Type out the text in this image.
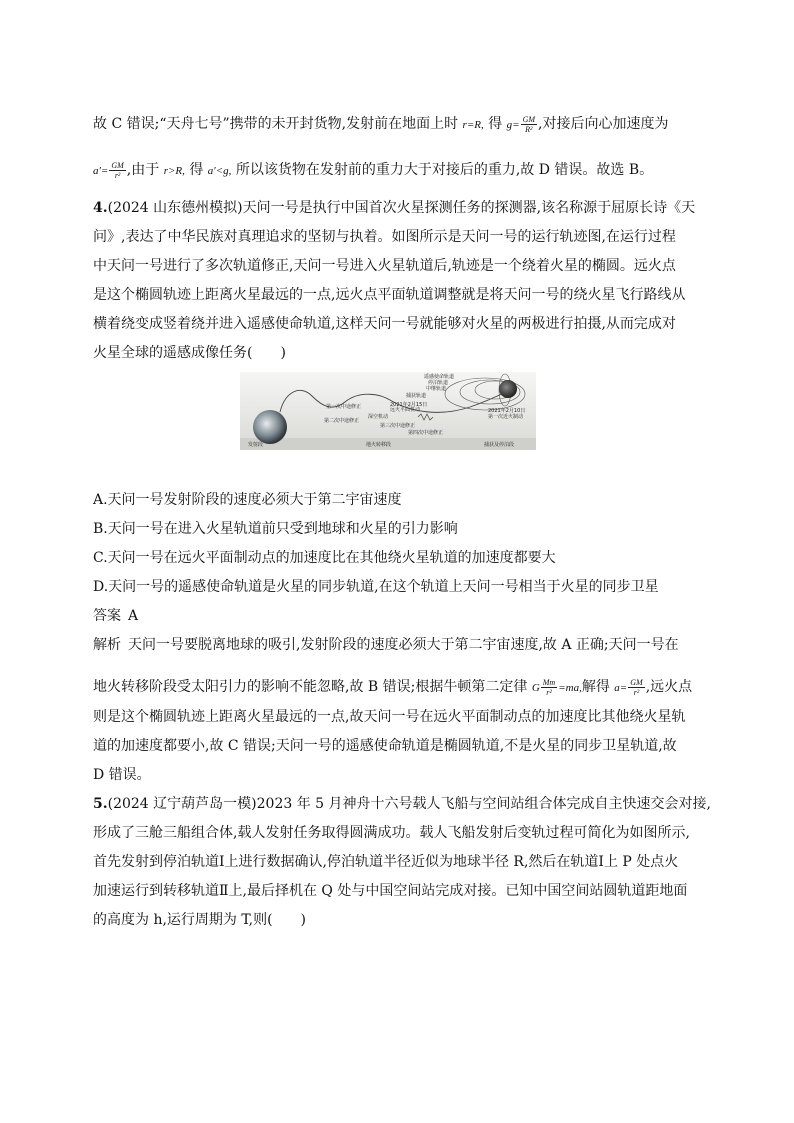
故 C 错误;“天舟七号”携带的未开封货物,发射前在地面上时 r=R, 得 $g= \frac{GM}{\text{R²}}$ ,对接后向心加速度为
$a'= \frac{GM}{\text{r²}}$ ,由于 r>R, 得 a′<g, 所以该货物在发射前的重力大于对接后的重力,故 D 错误。故选 B。
4.(2024 山东德州模拟)天问一号是执行中国首次火星探测任务的探测器,该名称源于屈原长诗《天
问》,表达了中华民族对真理追求的坚韧与执着。如图所示是天问一号的运行轨迹图,在运行过程
中天问一号进行了多次轨道修正,天问一号进入火星轨道后,轨迹是一个绕着火星的椭圆。远火点
是这个椭圆轨迹上距离火星最远的一点,远火点平面轨道调整就是将天问一号的绕火星飞行路线从
横着绕变成竖着绕并进入遥感使命轨道,这样天问一号就能够对火星的两极进行拍摄,从而完成对
火星全球的遥感成像任务(　　)
遥感使命轨道
停泊轨道
中继轨道
捕获轨道
2021年2月15日
远火平面机动	2021年2月10日
第一次近火制动
第一次中途修正
第二次中途修正
深空机动
第三次中途修正
第四次中途修正
发射段	地火转移段	捕获及停泊段
A.天问一号发射阶段的速度必须大于第二宇宙速度
B.天问一号在进入火星轨道前只受到地球和火星的引力影响
C.天问一号在远火平面制动点的加速度比在其他绕火星轨道的加速度都要大
D.天问一号的遥感使命轨道是火星的同步轨道,在这个轨道上天问一号相当于火星的同步卫星
答案  A
解析  天问一号要脱离地球的吸引,发射阶段的速度必须大于第二宇宙速度,故 A 正确;天问一号在
地火转移阶段受太阳引力的影响不能忽略,故 B 错误;根据牛顿第二定律 G $\frac{Mm}{\text{r²}} =ma$,解得 $a= \frac{GM}{\text{r²}}$ ,远火点
则是这个椭圆轨迹上距离火星最远的一点,故天问一号在远火平面制动点的加速度比其他绕火星轨
道的加速度都要小,故 C 错误;天问一号的遥感使命轨道是椭圆轨道,不是火星的同步卫星轨道,故
D 错误。
5.(2024 辽宁葫芦岛一模)2023 年 5 月神舟十六号载人飞船与空间站组合体完成自主快速交会对接,
形成了三舱三船组合体,载人发射任务取得圆满成功。载人飞船发射后变轨过程可简化为如图所示,
首先发射到停泊轨道Ⅰ上进行数据确认,停泊轨道半径近似为地球半径 R,然后在轨道Ⅰ上 P 处点火
加速运行到转移轨道Ⅱ上,最后择机在 Q 处与中国空间站完成对接。已知中国空间站圆轨道距地面
的高度为 h,运行周期为 T,则(　　)
